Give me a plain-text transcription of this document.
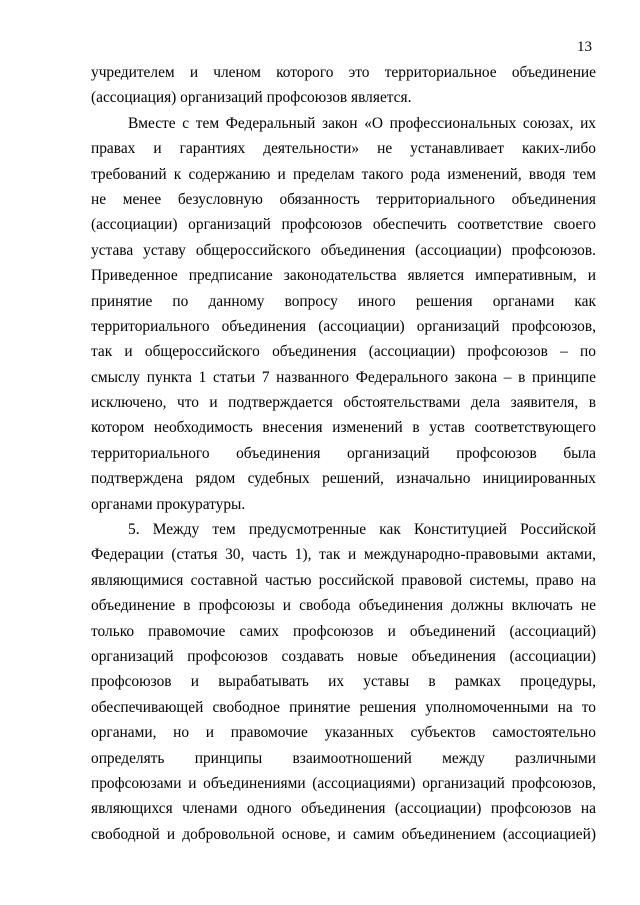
13
учредителем и членом которого это территориальное объединение
(ассоциация) организаций профсоюзов является.
Вместе с тем Федеральный закон «О профессиональных союзах, их
правах и гарантиях деятельности» не устанавливает каких-либо
требований к содержанию и пределам такого рода изменений, вводя тем
не менее безусловную обязанность территориального объединения
(ассоциации) организаций профсоюзов обеспечить соответствие своего
устава уставу общероссийского объединения (ассоциации) профсоюзов.
Приведенное предписание законодательства является императивным, и
принятие по данному вопросу иного решения органами как
территориального объединения (ассоциации) организаций профсоюзов,
так и общероссийского объединения (ассоциации) профсоюзов – по
смыслу пункта 1 статьи 7 названного Федерального закона – в принципе
исключено, что и подтверждается обстоятельствами дела заявителя, в
котором необходимость внесения изменений в устав соответствующего
территориального объединения организаций профсоюзов была
подтверждена рядом судебных решений, изначально инициированных
органами прокуратуры.
5. Между тем предусмотренные как Конституцией Российской
Федерации (статья 30, часть 1), так и международно-правовыми актами,
являющимися составной частью российской правовой системы, право на
объединение в профсоюзы и свобода объединения должны включать не
только правомочие самих профсоюзов и объединений (ассоциаций)
организаций профсоюзов создавать новые объединения (ассоциации)
профсоюзов и вырабатывать их уставы в рамках процедуры,
обеспечивающей свободное принятие решения уполномоченными на то
органами, но и правомочие указанных субъектов самостоятельно
определять принципы взаимоотношений между различными
профсоюзами и объединениями (ассоциациями) организаций профсоюзов,
являющихся членами одного объединения (ассоциации) профсоюзов на
свободной и добровольной основе, и самим объединением (ассоциацией)
